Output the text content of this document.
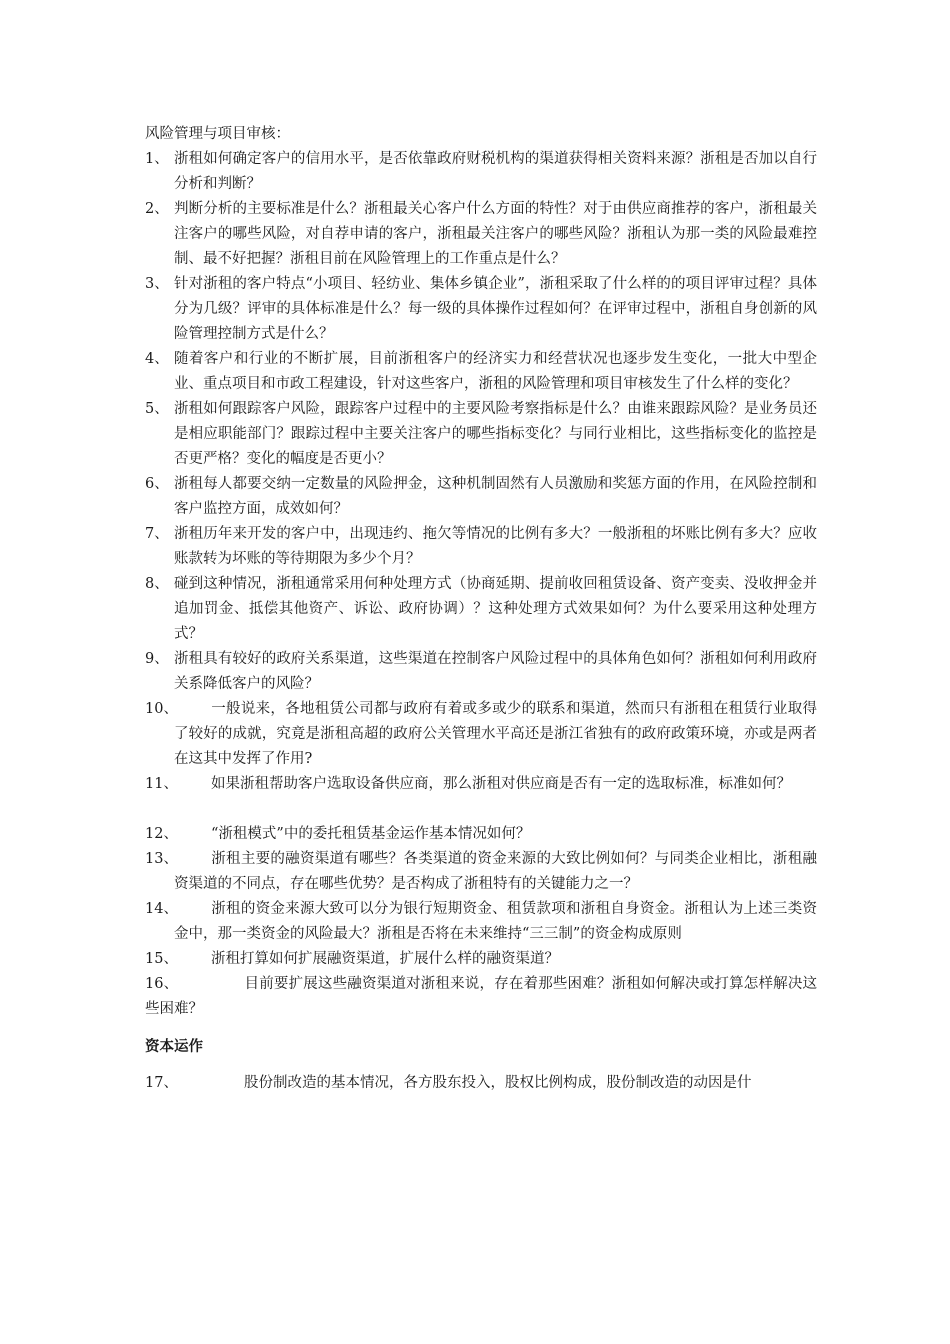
风险管理与项目审核：
1、 浙租如何确定客户的信用水平，是否依靠政府财税机构的渠道获得相关资料来源？浙租是否加以自行分析和判断？
2、 判断分析的主要标准是什么？浙租最关心客户什么方面的特性？对于由供应商推荐的客户，浙租最关注客户的哪些风险，对自荐申请的客户，浙租最关注客户的哪些风险？浙租认为那一类的风险最难控制、最不好把握？浙租目前在风险管理上的工作重点是什么？
3、 针对浙租的客户特点“小项目、轻纺业、集体乡镇企业”，浙租采取了什么样的的项目评审过程？具体分为几级？评审的具体标准是什么？每一级的具体操作过程如何？在评审过程中，浙租自身创新的风险管理控制方式是什么？
4、 随着客户和行业的不断扩展，目前浙租客户的经济实力和经营状况也逐步发生变化，一批大中型企业、重点项目和市政工程建设，针对这些客户，浙租的风险管理和项目审核发生了什么样的变化？
5、 浙租如何跟踪客户风险，跟踪客户过程中的主要风险考察指标是什么？由谁来跟踪风险？是业务员还是相应职能部门？跟踪过程中主要关注客户的哪些指标变化？与同行业相比，这些指标变化的监控是否更严格？变化的幅度是否更小？
6、 浙租每人都要交纳一定数量的风险押金，这种机制固然有人员激励和奖惩方面的作用，在风险控制和客户监控方面，成效如何？
7、 浙租历年来开发的客户中，出现违约、拖欠等情况的比例有多大？一般浙租的坏账比例有多大？应收账款转为坏账的等待期限为多少个月？
8、 碰到这种情况，浙租通常采用何种处理方式（协商延期、提前收回租赁设备、资产变卖、没收押金并追加罚金、抵偿其他资产、诉讼、政府协调）？这种处理方式效果如何？为什么要采用这种处理方式？
9、 浙租具有较好的政府关系渠道，这些渠道在控制客户风险过程中的具体角色如何？浙租如何利用政府关系降低客户的风险？
10、	一般说来，各地租赁公司都与政府有着或多或少的联系和渠道，然而只有浙租在租赁行业取得了较好的成就，究竟是浙租高超的政府公关管理水平高还是浙江省独有的政府政策环境，亦或是两者在这其中发挥了作用?
11、	如果浙租帮助客户选取设备供应商，那么浙租对供应商是否有一定的选取标准，标准如何？
12、	“浙租模式”中的委托租赁基金运作基本情况如何？
13、	浙租主要的融资渠道有哪些？各类渠道的资金来源的大致比例如何？与同类企业相比，浙租融资渠道的不同点，存在哪些优势？是否构成了浙租特有的关键能力之一？
14、	浙租的资金来源大致可以分为银行短期资金、租赁款项和浙租自身资金。浙租认为上述三类资金中，那一类资金的风险最大？浙租是否将在未来维持“三三制”的资金构成原则
15、	浙租打算如何扩展融资渠道，扩展什么样的融资渠道？
16、	目前要扩展这些融资渠道对浙租来说，存在着那些困难？浙租如何解决或打算怎样解决这些困难？
资本运作
17、	股份制改造的基本情况，各方股东投入，股权比例构成，股份制改造的动因是什
